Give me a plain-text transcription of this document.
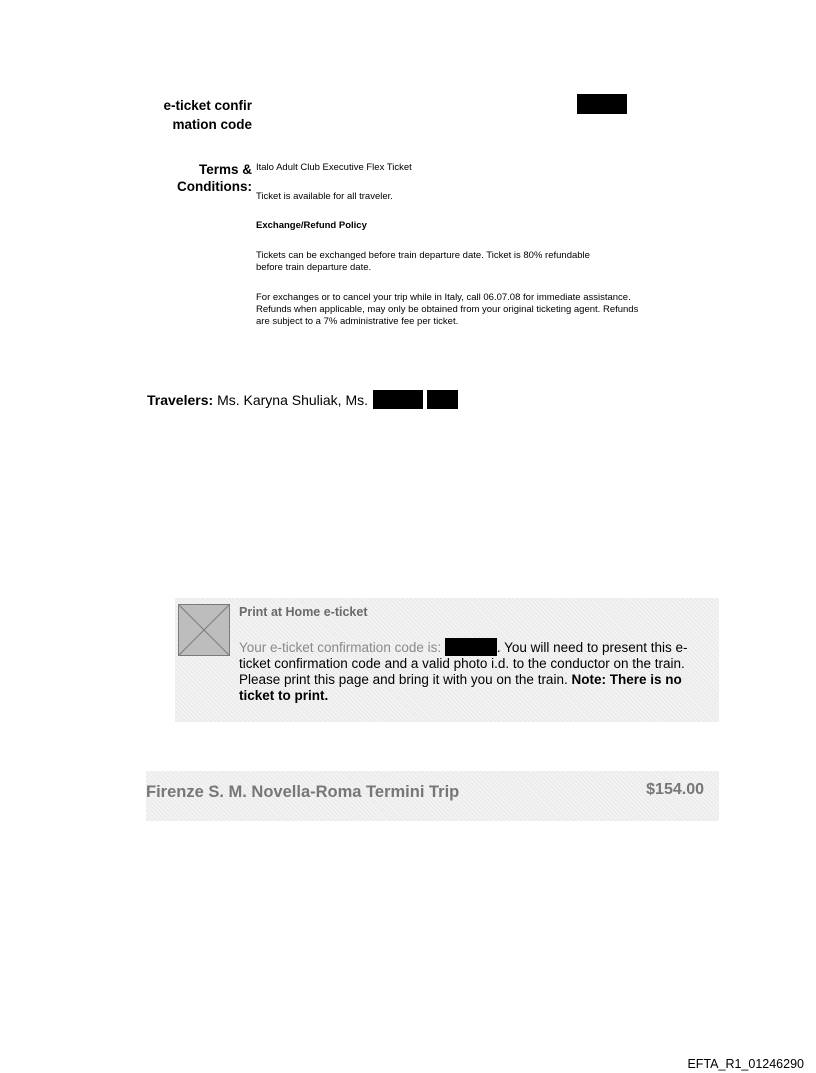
e-ticket confirmation code
Terms & Conditions:
Italo Adult Club Executive Flex Ticket
Ticket is available for all traveler.
Exchange/Refund Policy
Tickets can be exchanged before train departure date. Ticket is 80% refundable before train departure date.
For exchanges or to cancel your trip while in Italy, call 06.07.08 for immediate assistance. Refunds when applicable, may only be obtained from your original ticketing agent. Refunds are subject to a 7% administrative fee per ticket.
Travelers: Ms. Karyna Shuliak, Ms.
Print at Home e-ticket
Your e-ticket confirmation code is:	. You will need to present this e-ticket confirmation code and a valid photo i.d. to the conductor on the train. Please print this page and bring it with you on the train. Note: There is no ticket to print.
Firenze S. M. Novella-Roma Termini Trip	$154.00
EFTA_R1_01246290
